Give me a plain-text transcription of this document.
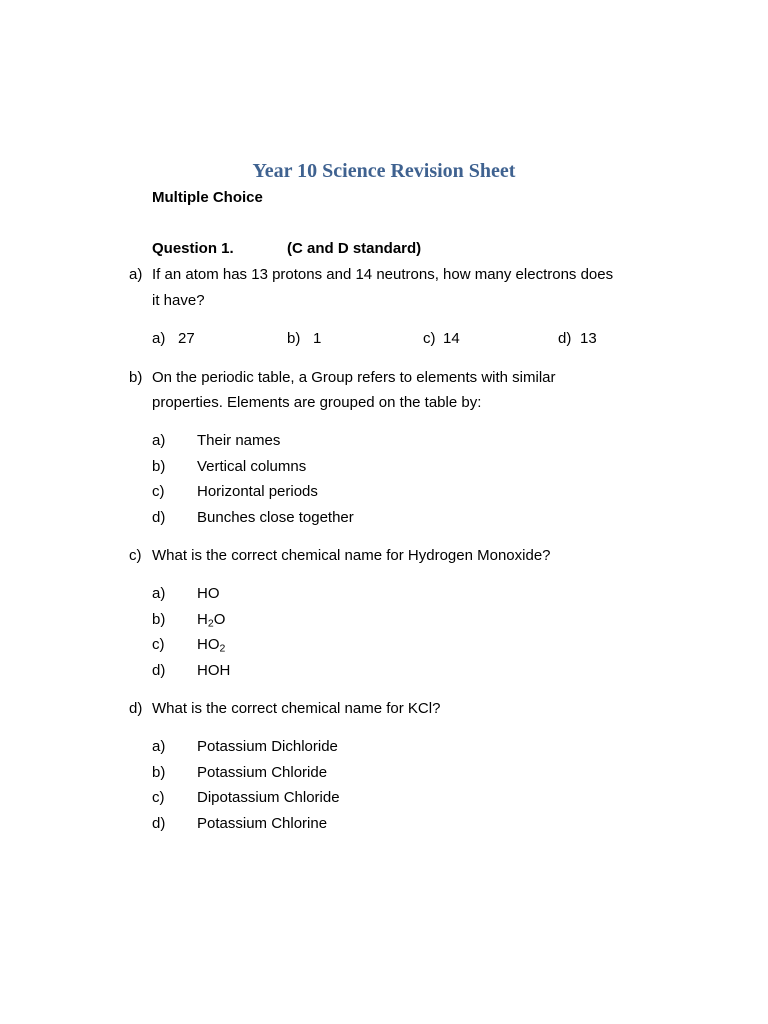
Year 10 Science Revision Sheet
Multiple Choice
Question 1.	(C and D standard)
a) If an atom has 13 protons and 14 neutrons, how many electrons does
it have?
a) 27	b) 1	c) 14	d) 13
b) On the periodic table, a Group refers to elements with similar
properties. Elements are grouped on the table by:
a) Their names
b) Vertical columns
c) Horizontal periods
d) Bunches close together
c) What is the correct chemical name for Hydrogen Monoxide?
a) HO
b) $H_2O$
c) $HO_2$
d) HOH
d) What is the correct chemical name for KCl?
a) Potassium Dichloride
b) Potassium Chloride
c) Dipotassium Chloride
d) Potassium Chlorine
